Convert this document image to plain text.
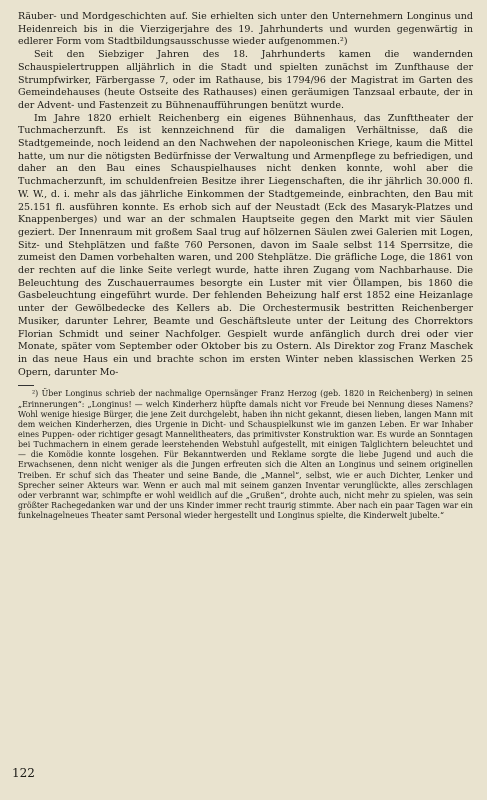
Räuber- und Mordgeschichten auf. Sie erhielten sich unter den Unternehmern Longinus und Heidenreich bis in die Vierzigerjahre des 19. Jahrhunderts und wurden gegenwärtig in edlerer Form vom Stadtbildungsausschusse wieder aufgenommen.²)

Seit den Siebziger Jahren des 18. Jahrhunderts kamen die wandernden Schauspielertruppen alljährlich in die Stadt und spielten zunächst im Zunfthause der Strumpfwirker, Färbergasse 7, oder im Rathause, bis 1794/96 der Magistrat im Garten des Gemeindehauses (heute Ostseite des Rathauses) einen geräumigen Tanzsaal erbaute, der in der Advent- und Fastenzeit zu Bühnenaufführungen benützt wurde.

Im Jahre 1820 erhielt Reichenberg ein eigenes Bühnenhaus, das Zunfttheater der Tuchmacherzunft. Es ist kennzeichnend für die damaligen Verhältnisse, daß die Stadtgemeinde, noch leidend an den Nachwehen der napoleonischen Kriege, kaum die Mittel hatte, um nur die nötigsten Bedürfnisse der Verwaltung und Armenpflege zu befriedigen, und daher an den Bau eines Schauspielhauses nicht denken konnte, wohl aber die Tuchmacherzunft, im schuldenfreien Besitze ihrer Liegenschaften, die ihr jährlich 30.000 fl. W. W., d. i. mehr als das jährliche Einkommen der Stadtgemeinde, einbrachten, den Bau mit 25.151 fl. ausführen konnte. Es erhob sich auf der Neustadt (Eck des Masaryk-Platzes und Knappenberges) und war an der schmalen Hauptseite gegen den Markt mit vier Säulen geziert. Der Innenraum mit großem Saal trug auf hölzernen Säulen zwei Galerien mit Logen, Sitz- und Stehplätzen und faßte 760 Personen, davon im Saale selbst 114 Sperrsitze, die zumeist den Damen vorbehalten waren, und 200 Stehplätze. Die gräfliche Loge, die 1861 von der rechten auf die linke Seite verlegt wurde, hatte ihren Zugang vom Nachbarhause. Die Beleuchtung des Zuschauerraumes besorgte ein Luster mit vier Öllampen, bis 1860 die Gasbeleuchtung eingeführt wurde. Der fehlenden Beheizung half erst 1852 eine Heizanlage unter der Gewölbedecke des Kellers ab. Die Orchestermusik bestritten Reichenberger Musiker, darunter Lehrer, Beamte und Geschäftsleute unter der Leitung des Chorrektors Florian Schmidt und seiner Nachfolger. Gespielt wurde anfänglich durch drei oder vier Monate, später vom September oder Oktober bis zu Ostern. Als Direktor zog Franz Maschek in das neue Haus ein und brachte schon im ersten Winter neben klassischen Werken 25 Opern, darunter Mo-

²) Über Longinus schrieb der nachmalige Opernsänger Franz Herzog (geb. 1820 in Reichenberg) in seinen „Erinnerungen“: „Longinus! — welch Kinderherz hüpfte damals nicht vor Freude bei Nennung dieses Namens? Wohl wenige hiesige Bürger, die jene Zeit durchgelebt, haben ihn nicht gekannt, diesen lieben, langen Mann mit dem weichen Kinderherzen, dies Urgenie in Dicht- und Schauspielkunst wie im ganzen Leben. Er war Inhaber eines Puppen- oder richtiger gesagt Mannelitheaters, das primitivster Konstruktion war. Es wurde an Sonntagen bei Tuchmachern in einem gerade leerstehenden Webstuhl aufgestellt, mit einigen Talglichtern beleuchtet und — die Komödie konnte losgehen. Für Bekanntwerden und Reklame sorgte die liebe Jugend und auch die Erwachsenen, denn nicht weniger als die Jungen erfreuten sich die Alten an Longinus und seinem originellen Treiben. Er schuf sich das Theater und seine Bande, die „Mannel“, selbst, wie er auch Dichter, Lenker und Sprecher seiner Akteurs war. Wenn er auch mal mit seinem ganzen Inventar verunglückte, alles zerschlagen oder verbrannt war, schimpfte er wohl weidlich auf die „Grußen“, drohte auch, nicht mehr zu spielen, was sein größter Rachegedanken war und der uns Kinder immer recht traurig stimmte. Aber nach ein paar Tagen war ein funkelnagelneues Theater samt Personal wieder hergestellt und Longinus spielte, die Kinderwelt jubelte.“

122
